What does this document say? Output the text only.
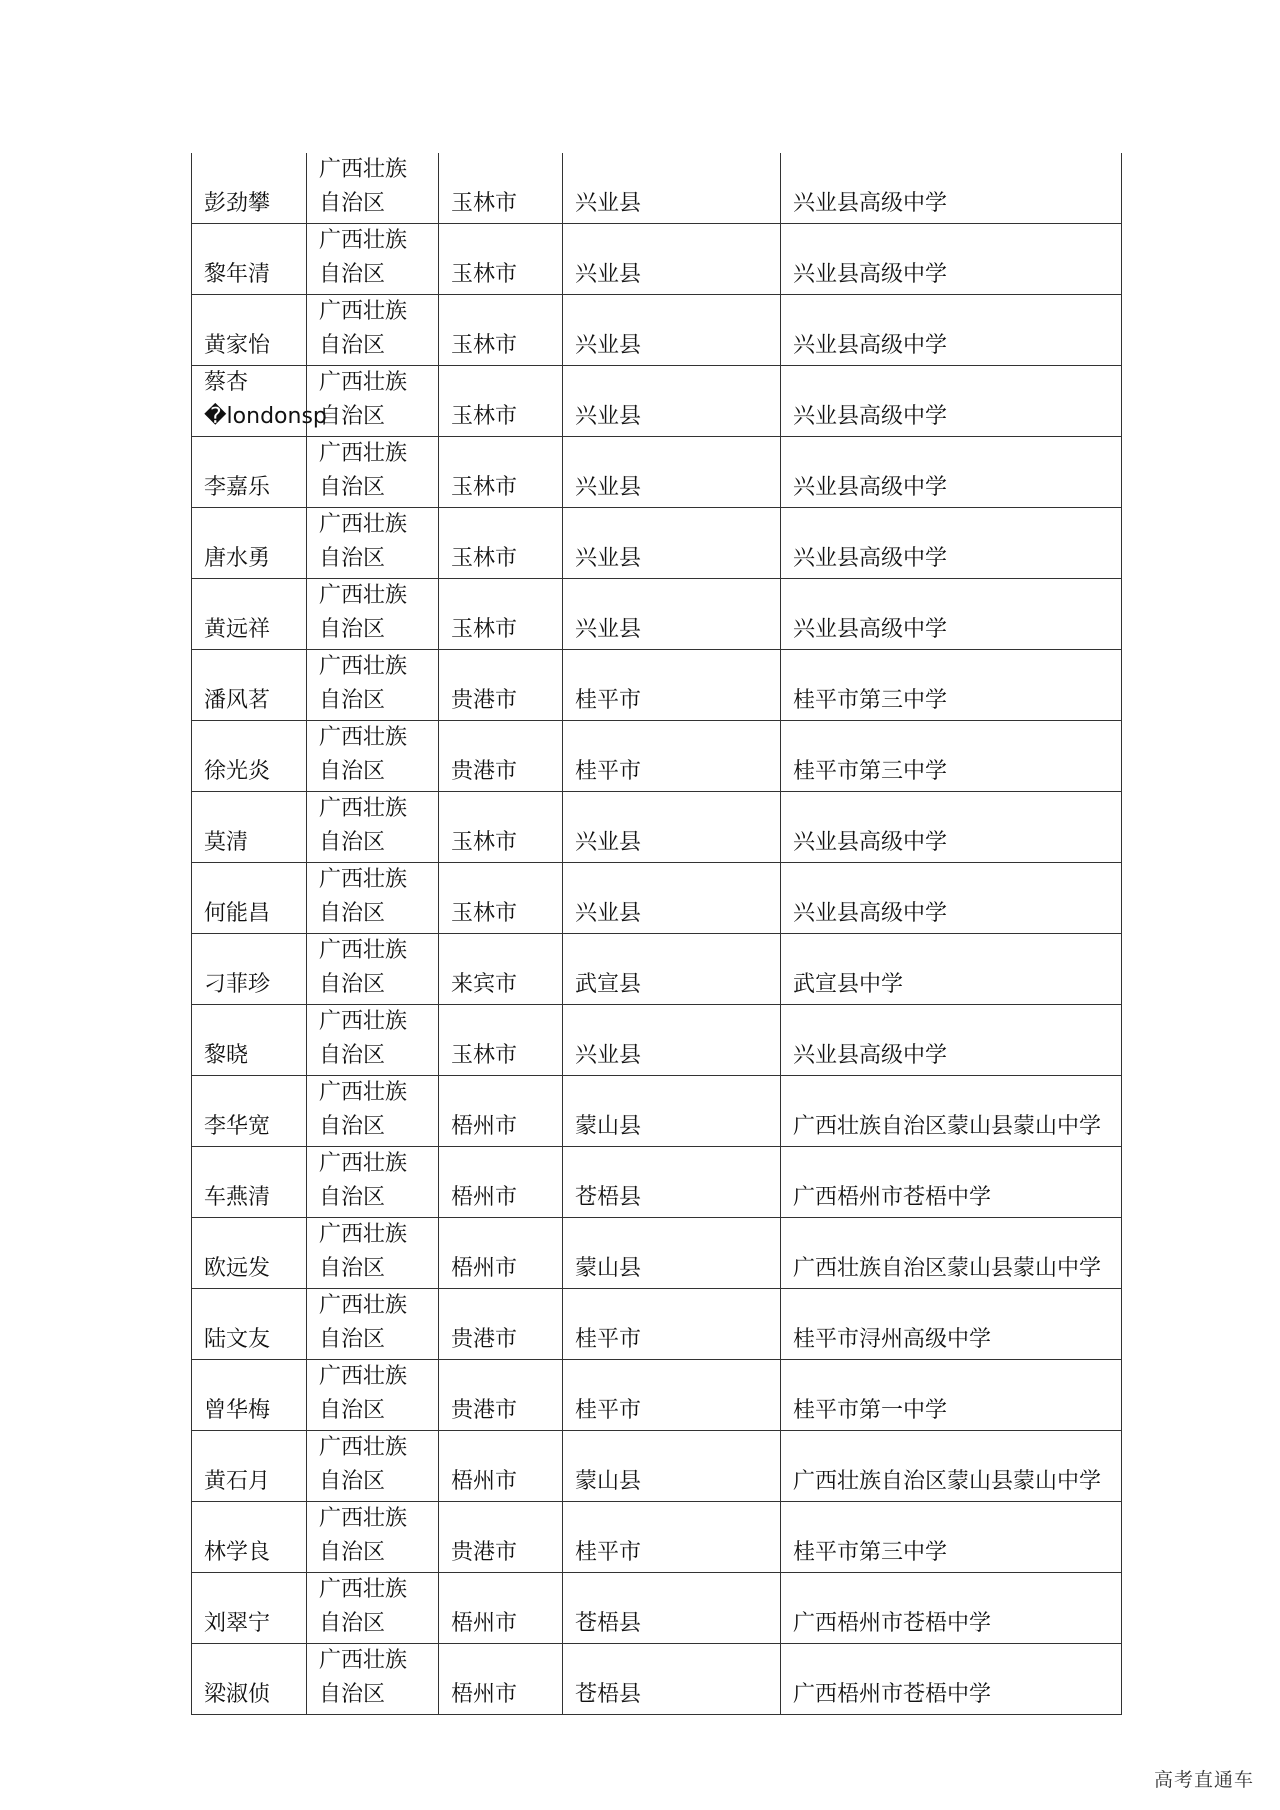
彭劲攀	广西壮族
自治区	玉林市	兴业县	兴业县高级中学

黎年清	广西壮族
自治区	玉林市	兴业县	兴业县高级中学

黄家怡	广西壮族
自治区	玉林市	兴业县	兴业县高级中学

蔡杏�londonsp	广西壮族
自治区	玉林市	兴业县	兴业县高级中学

李嘉乐	广西壮族
自治区	玉林市	兴业县	兴业县高级中学

唐水勇	广西壮族
自治区	玉林市	兴业县	兴业县高级中学

黄远祥	广西壮族
自治区	玉林市	兴业县	兴业县高级中学

潘风茗	广西壮族
自治区	贵港市	桂平市	桂平市第三中学

徐光炎	广西壮族
自治区	贵港市	桂平市	桂平市第三中学

莫清	广西壮族
自治区	玉林市	兴业县	兴业县高级中学

何能昌	广西壮族
自治区	玉林市	兴业县	兴业县高级中学

刁菲珍	广西壮族
自治区	来宾市	武宣县	武宣县中学

黎晓	广西壮族
自治区	玉林市	兴业县	兴业县高级中学

李华宽	广西壮族
自治区	梧州市	蒙山县	广西壮族自治区蒙山县蒙山中学

车燕清	广西壮族
自治区	梧州市	苍梧县	广西梧州市苍梧中学

欧远发	广西壮族
自治区	梧州市	蒙山县	广西壮族自治区蒙山县蒙山中学

陆文友	广西壮族
自治区	贵港市	桂平市	桂平市浔州高级中学

曾华梅	广西壮族
自治区	贵港市	桂平市	桂平市第一中学

黄石月	广西壮族
自治区	梧州市	蒙山县	广西壮族自治区蒙山县蒙山中学

林学良	广西壮族
自治区	贵港市	桂平市	桂平市第三中学

刘翠宁	广西壮族
自治区	梧州市	苍梧县	广西梧州市苍梧中学

梁淑侦	广西壮族
自治区	梧州市	苍梧县	广西梧州市苍梧中学
高考直通车
